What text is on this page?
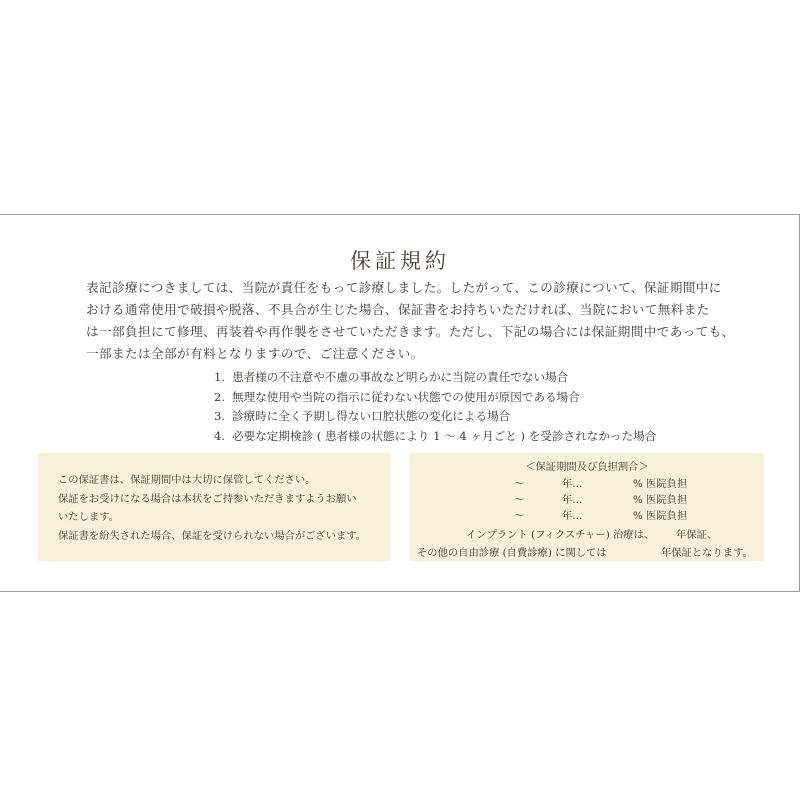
保証規約

表記診療につきましては、当院が責任をもって診療しました。したがって、この診療について、保証期間中に

おける通常使用で破損や脱落、不具合が生じた場合、保証書をお持ちいただければ、当院において無料また

は一部負担にて修理、再装着や再作製をさせていただきます。ただし、下記の場合には保証期間中であっても、

一部または全部が有料となりますので、ご注意ください。

1. 患者様の不注意や不慮の事故など明らかに当院の責任でない場合
2. 無理な使用や当院の指示に従わない状態での使用が原因である場合
3. 診療時に全く予期し得ない口腔状態の変化による場合
4. 必要な定期検診 ( 患者様の状態により 1 ～ 4 ヶ月ごと ) を受診されなかった場合

この保証書は、保証期間中は大切に保管してください。

保証をお受けになる場合は本状をご持参いただきますようお願い

いたします。

保証書を紛失された場合、保証を受けられない場合がございます。

＜保証期間及び負担割合＞
～	年…	% 医院負担
～	年…	% 医院負担
～	年…	% 医院負担

インプラント (フィクスチャー) 治療は、 年保証、

その他の自由診療 (自費診療) に関しては	年保証となります。
